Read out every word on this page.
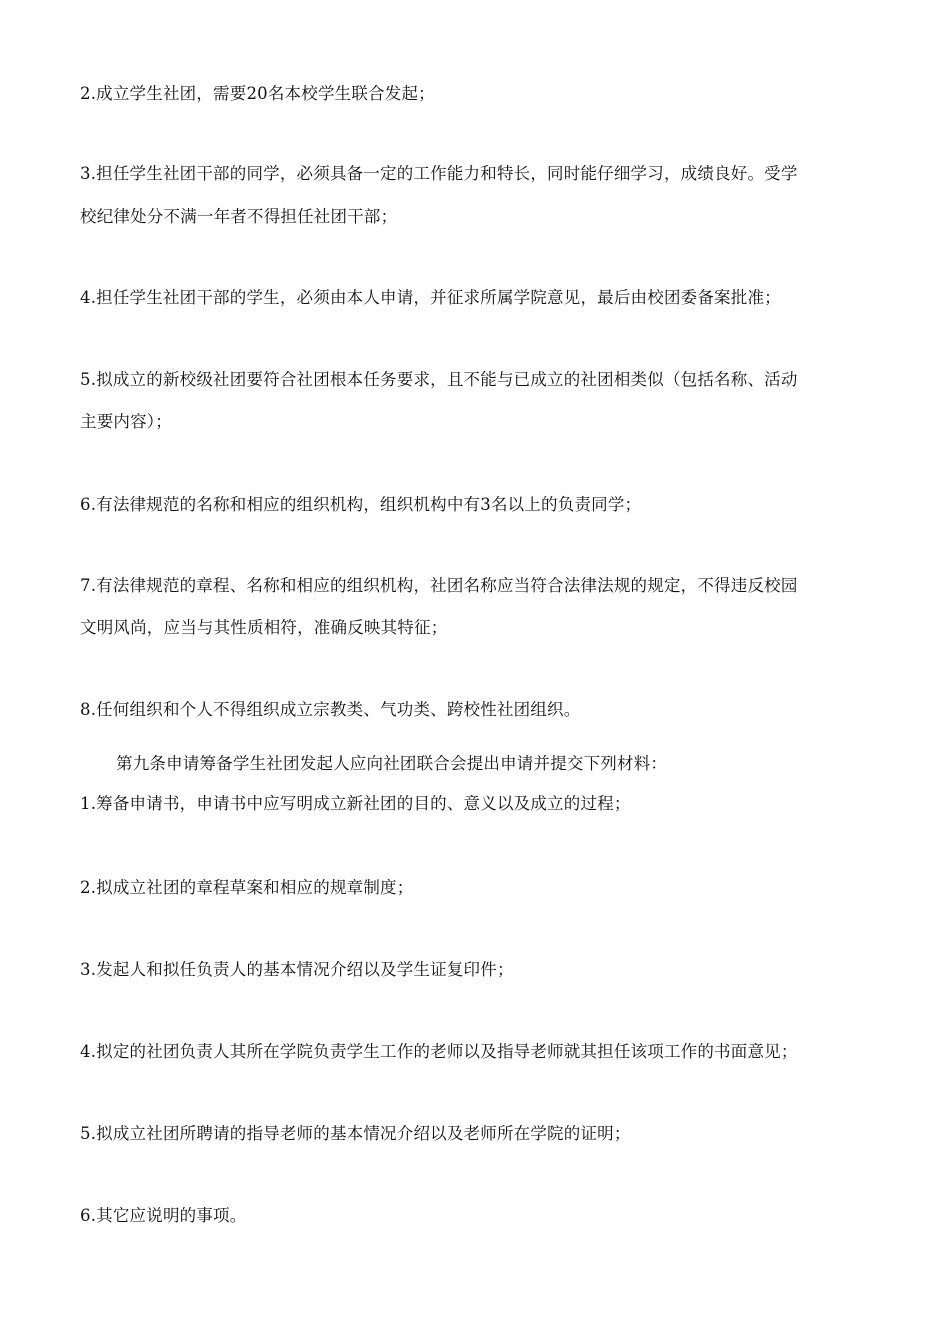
2.成立学生社团，需要20名本校学生联合发起；
3.担任学生社团干部的同学，必须具备一定的工作能力和特长，同时能仔细学习，成绩良好。受学
校纪律处分不满一年者不得担任社团干部；
4.担任学生社团干部的学生，必须由本人申请，并征求所属学院意见，最后由校团委备案批准；
5.拟成立的新校级社团要符合社团根本任务要求，且不能与已成立的社团相类似（包括名称、活动
主要内容）；
6.有法律规范的名称和相应的组织机构，组织机构中有3名以上的负责同学；
7.有法律规范的章程、名称和相应的组织机构，社团名称应当符合法律法规的规定，不得违反校园
文明风尚，应当与其性质相符，准确反映其特征；
8.任何组织和个人不得组织成立宗教类、气功类、跨校性社团组织。
第九条申请筹备学生社团发起人应向社团联合会提出申请并提交下列材料：
1.筹备申请书，申请书中应写明成立新社团的目的、意义以及成立的过程；
2.拟成立社团的章程草案和相应的规章制度；
3.发起人和拟任负责人的基本情况介绍以及学生证复印件；
4.拟定的社团负责人其所在学院负责学生工作的老师以及指导老师就其担任该项工作的书面意见；
5.拟成立社团所聘请的指导老师的基本情况介绍以及老师所在学院的证明；
6.其它应说明的事项。
